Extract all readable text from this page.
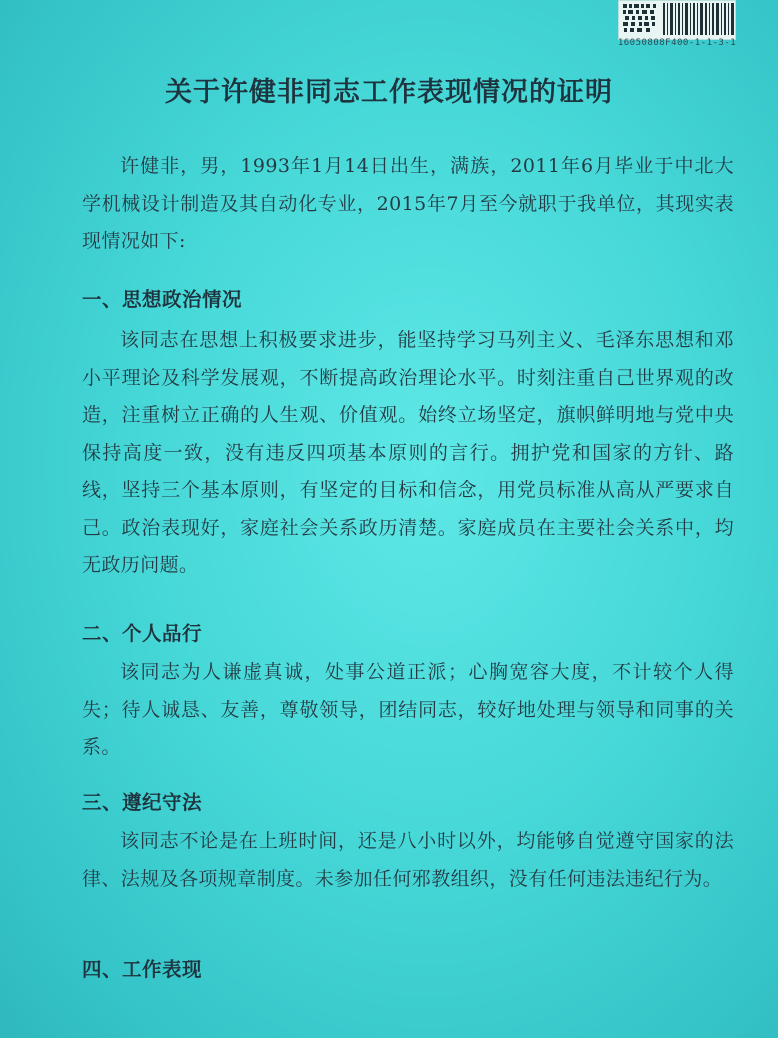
16050808F400-1-1-3-1
关于许健非同志工作表现情况的证明

许健非，男，1993年1月14日出生，满族，2011年6月毕业于中北大学机械设计制造及其自动化专业，2015年7月至今就职于我单位，其现实表现情况如下:

一、思想政治情况

该同志在思想上积极要求进步，能坚持学习马列主义、毛泽东思想和邓小平理论及科学发展观，不断提高政治理论水平。时刻注重自己世界观的改造，注重树立正确的人生观、价值观。始终立场坚定，旗帜鲜明地与党中央保持高度一致，没有违反四项基本原则的言行。拥护党和国家的方针、路线，坚持三个基本原则，有坚定的目标和信念，用党员标准从高从严要求自己。政治表现好，家庭社会关系政历清楚。家庭成员在主要社会关系中，均无政历问题。

二、个人品行

该同志为人谦虚真诚，处事公道正派；心胸宽容大度，不计较个人得失；待人诚恳、友善，尊敬领导，团结同志，较好地处理与领导和同事的关系。

三、遵纪守法

该同志不论是在上班时间，还是八小时以外，均能够自觉遵守国家的法律、法规及各项规章制度。未参加任何邪教组织，没有任何违法违纪行为。

四、工作表现
